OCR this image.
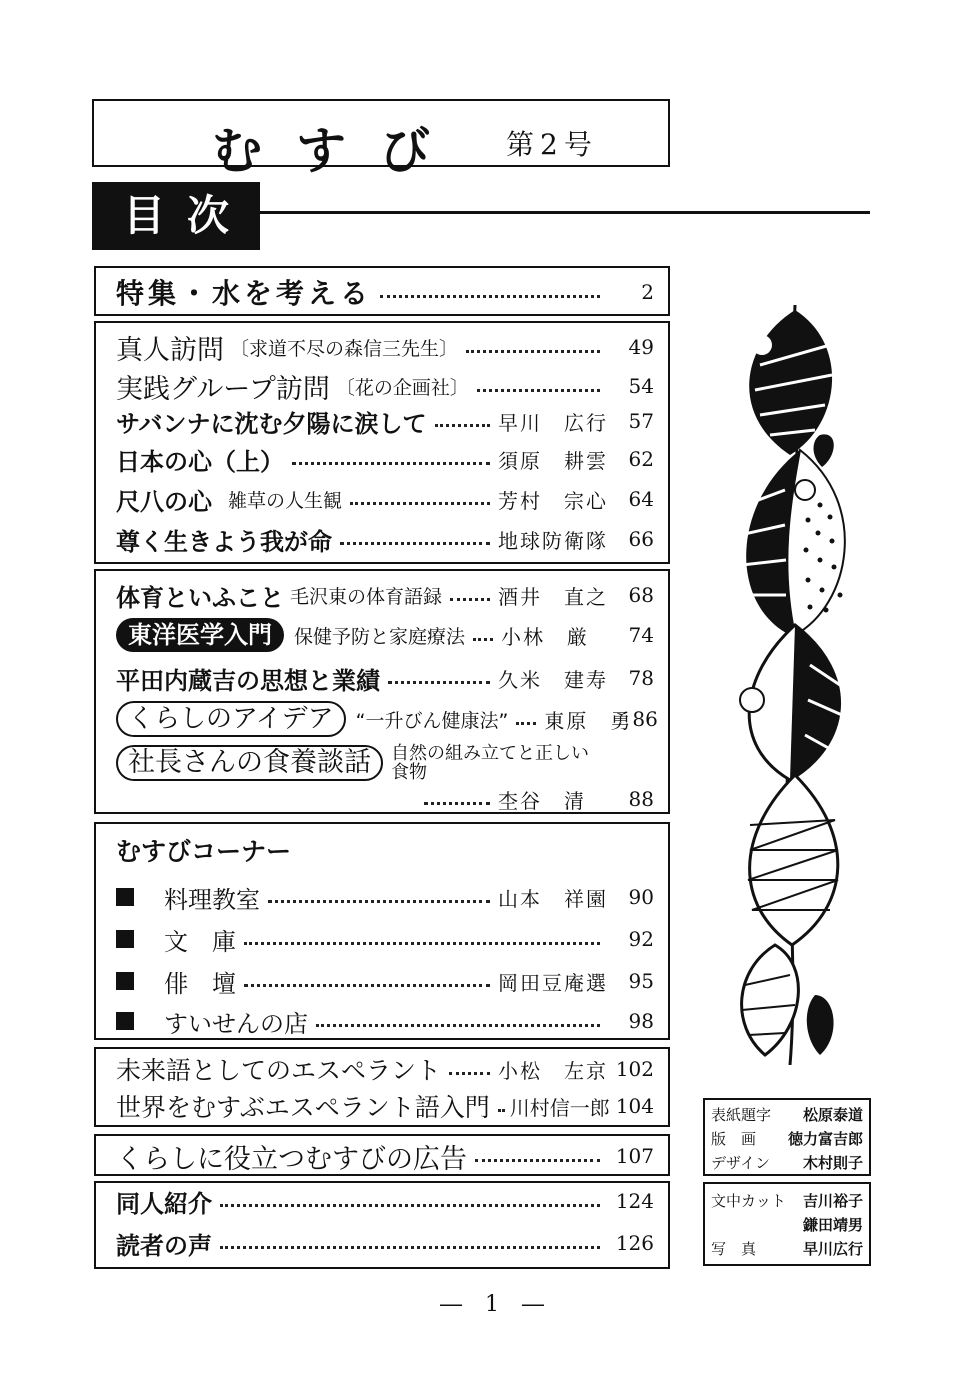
むすび 第2号
目次
特集・水を考える	2
真人訪問 〔求道不尽の森信三先生〕	49
実践グループ訪問 〔花の企画社〕	54
サバンナに沈む夕陽に涙して	早川　広行	57
日本の心（上）	須原　耕雲	62
尺八の心 雑草の人生観	芳村　宗心	64
尊く生きよう我が命	地球防衛隊	66
体育といふこと 毛沢東の体育語録	酒井　直之	68
東洋医学入門	保健予防と家庭療法 小林　厳	74
平田内蔵吉の思想と業績	久米　建寿	78
くらしのアイデア	“一升びん健康法” 東原　勇 86
社長さんの食養談話	自然の組み立てと正しい食物
杢谷　清	88
むすびコーナー
料理教室	山本　祥園	90
文　庫	92
俳　壇	岡田豆庵選	95
すいせんの店	98
未来語としてのエスペラント	小松　左京 102
世界をむすぶエスペラント語入門 川村信一郎 104
くらしに役立つむすびの広告	107
同人紹介	124
読者の声	126
表紙題字 松原泰道
版　画 徳力富吉郎
デザイン 木村則子
文中カット 吉川裕子
鎌田靖男
写　真	早川広行
― 1 ―
